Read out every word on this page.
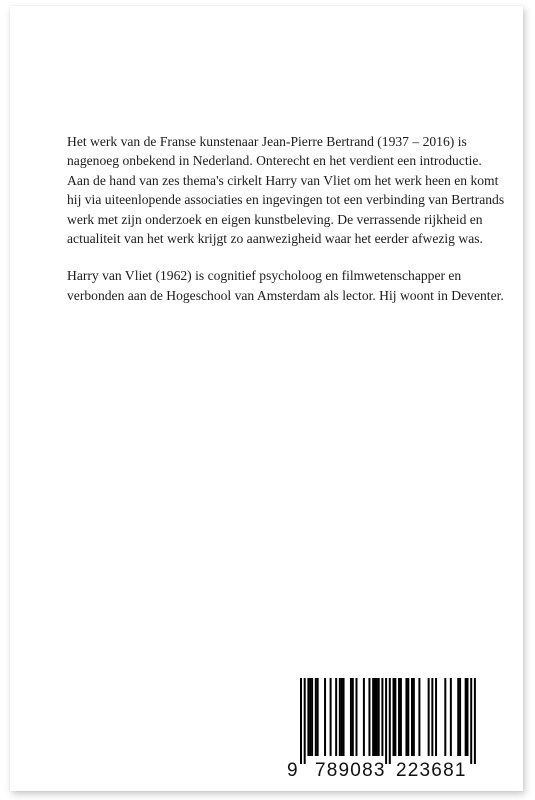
Het werk van de Franse kunstenaar Jean-Pierre Bertrand (1937 – 2016) is
nagenoeg onbekend in Nederland. Onterecht en het verdient een introductie.
Aan de hand van zes thema's cirkelt Harry van Vliet om het werk heen en komt
hij via uiteenlopende associaties en ingevingen tot een verbinding van Bertrands
werk met zijn onderzoek en eigen kunstbeleving. De verrassende rijkheid en
actualiteit van het werk krijgt zo aanwezigheid waar het eerder afwezig was.
Harry van Vliet (1962) is cognitief psycholoog en filmwetenschapper en
verbonden aan de Hogeschool van Amsterdam als lector. Hij woont in Deventer.
9 789083 223681
